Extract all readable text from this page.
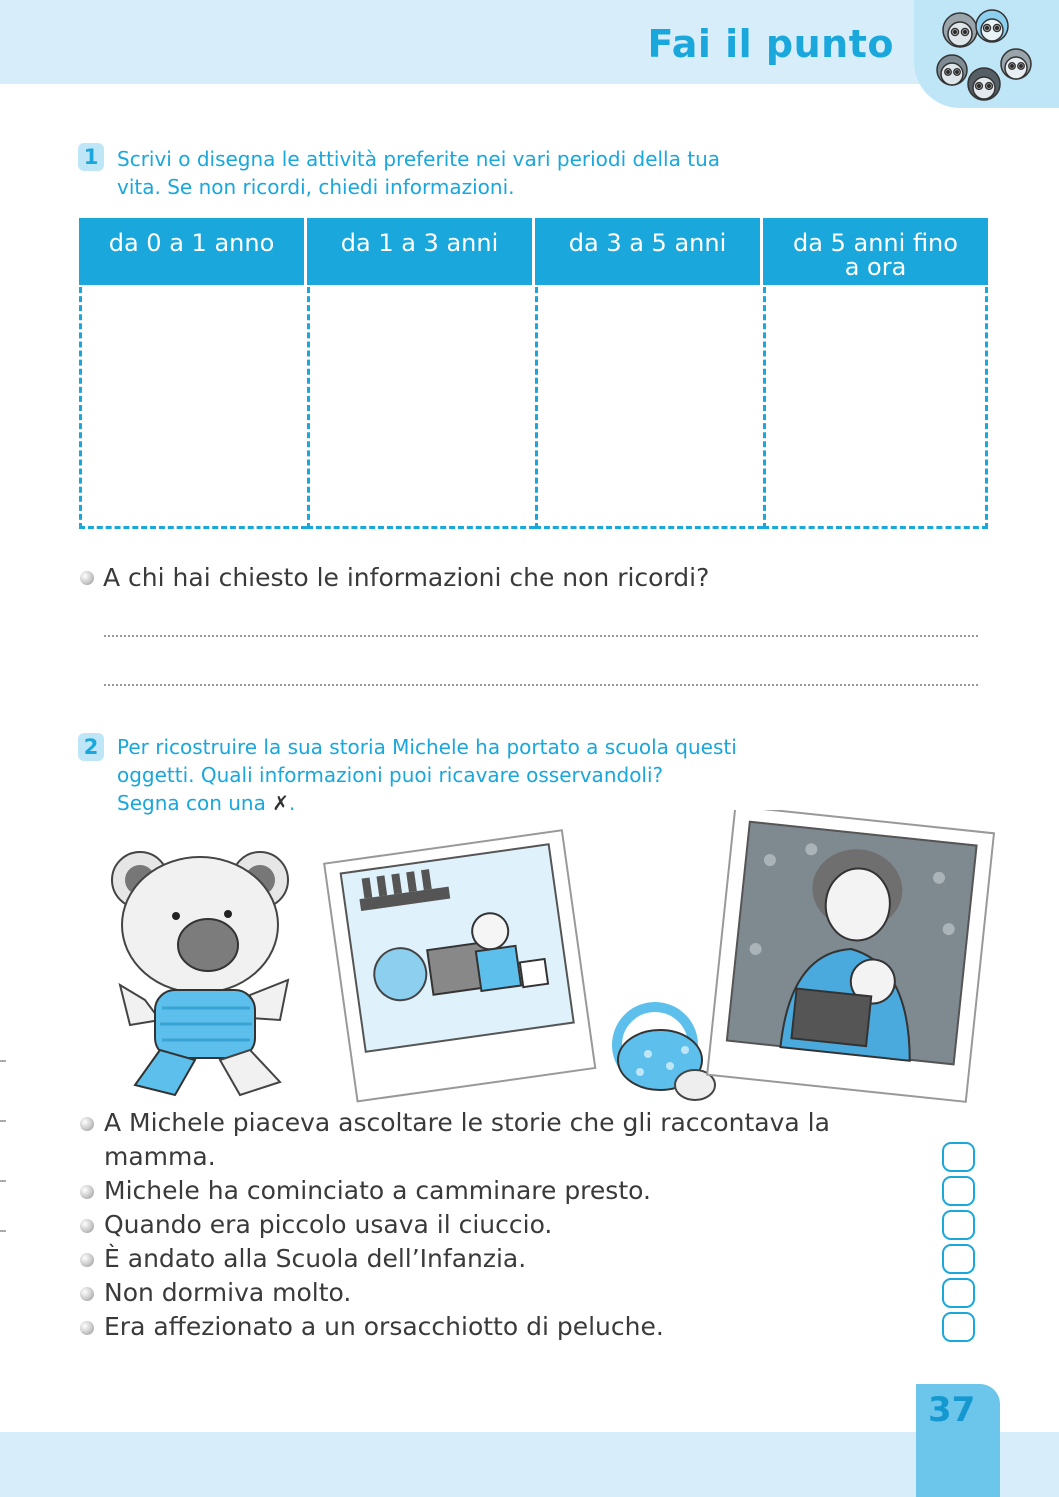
Fai il punto
1 Scrivi o disegna le attività preferite nei vari periodi della tua
vita. Se non ricordi, chiedi informazioni.
da 0 a 1 anno	da 1 a 3 anni	da 3 a 5 anni	da 5 anni fino
a ora
A chi hai chiesto le informazioni che non ricordi?
2 Per ricostruire la sua storia Michele ha portato a scuola questi
oggetti. Quali informazioni puoi ricavare osservandoli?
Segna con una ✗.
A Michele piaceva ascoltare le storie che gli raccontava la mamma.
Michele ha cominciato a camminare presto.
Quando era piccolo usava il ciuccio.
È andato alla Scuola dell’Infanzia.
Non dormiva molto.
Era affezionato a un orsacchiotto di peluche.
37
